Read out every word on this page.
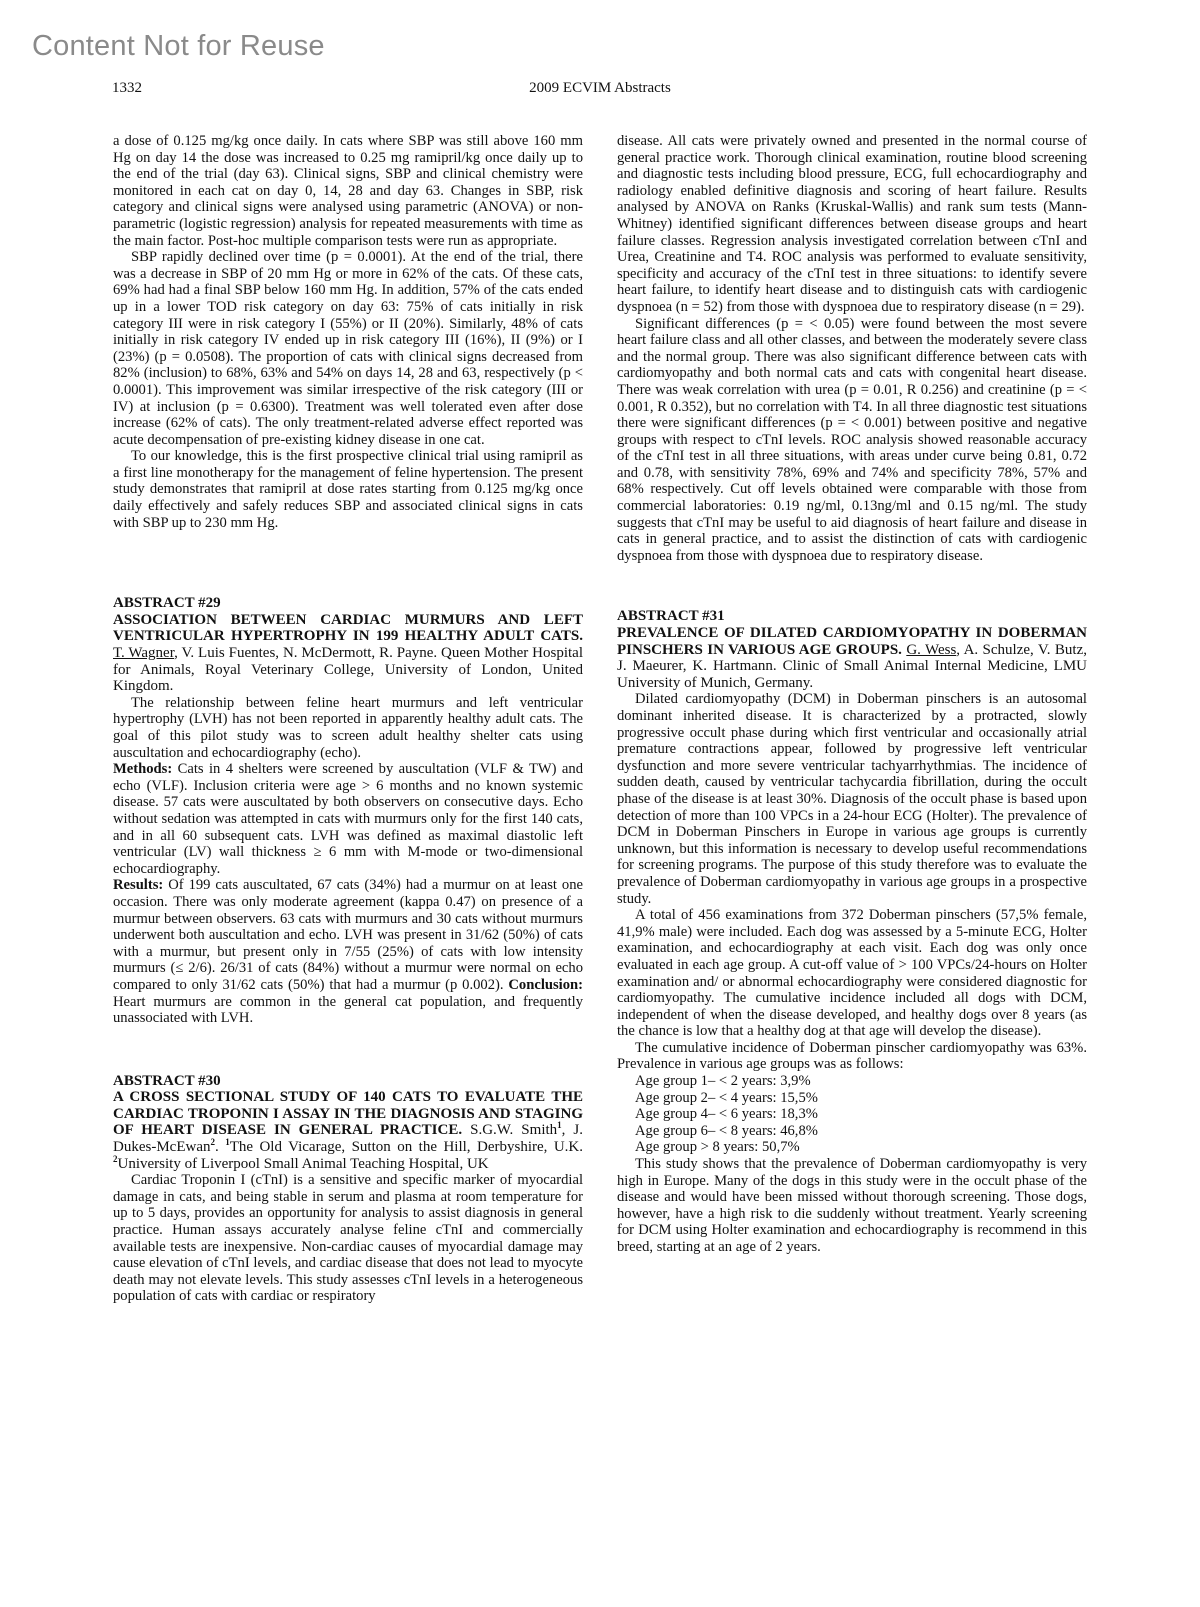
Content Not for Reuse
1332	2009 ECVIM Abstracts

a dose of 0.125 mg/kg once daily. In cats where SBP was still above 160 mm Hg on day 14 the dose was increased to 0.25 mg ramipril/kg once daily up to the end of the trial (day 63). Clinical signs, SBP and clinical chemistry were monitored in each cat on day 0, 14, 28 and day 63. Changes in SBP, risk category and clinical signs were analysed using parametric (ANOVA) or non-parametric (logistic regression) analysis for repeated measurements with time as the main factor. Post-hoc multiple comparison tests were run as appropriate.

SBP rapidly declined over time (p = 0.0001). At the end of the trial, there was a decrease in SBP of 20 mm Hg or more in 62% of the cats. Of these cats, 69% had had a final SBP below 160 mm Hg. In addition, 57% of the cats ended up in a lower TOD risk category on day 63: 75% of cats initially in risk category III were in risk category I (55%) or II (20%). Similarly, 48% of cats initially in risk category IV ended up in risk category III (16%), II (9%) or I (23%) (p = 0.0508). The proportion of cats with clinical signs decreased from 82% (inclusion) to 68%, 63% and 54% on days 14, 28 and 63, respectively (p < 0.0001). This improvement was similar irrespective of the risk category (III or IV) at inclusion (p = 0.6300). Treatment was well tolerated even after dose increase (62% of cats). The only treatment-related adverse effect reported was acute decompensation of pre-existing kidney disease in one cat.

To our knowledge, this is the first prospective clinical trial using ramipril as a first line monotherapy for the management of feline hypertension. The present study demonstrates that ramipril at dose rates starting from 0.125 mg/kg once daily effectively and safely reduces SBP and associated clinical signs in cats with SBP up to 230 mm Hg.

ABSTRACT #29

ASSOCIATION BETWEEN CARDIAC MURMURS AND LEFT VENTRICULAR HYPERTROPHY IN 199 HEALTHY ADULT CATS. T. Wagner, V. Luis Fuentes, N. McDermott, R. Payne. Queen Mother Hospital for Animals, Royal Veterinary College, University of London, United Kingdom.

The relationship between feline heart murmurs and left ventricular hypertrophy (LVH) has not been reported in apparently healthy adult cats. The goal of this pilot study was to screen adult healthy shelter cats using auscultation and echocardiography (echo).

Methods: Cats in 4 shelters were screened by auscultation (VLF & TW) and echo (VLF). Inclusion criteria were age > 6 months and no known systemic disease. 57 cats were auscultated by both observers on consecutive days. Echo without sedation was attempted in cats with murmurs only for the first 140 cats, and in all 60 subsequent cats. LVH was defined as maximal diastolic left ventricular (LV) wall thickness ≥ 6 mm with M-mode or two-dimensional echocardiography.

Results: Of 199 cats auscultated, 67 cats (34%) had a murmur on at least one occasion. There was only moderate agreement (kappa 0.47) on presence of a murmur between observers. 63 cats with murmurs and 30 cats without murmurs underwent both auscultation and echo. LVH was present in 31/62 (50%) of cats with a murmur, but present only in 7/55 (25%) of cats with low intensity murmurs (≤ 2/6). 26/31 of cats (84%) without a murmur were normal on echo compared to only 31/62 cats (50%) that had a murmur (p 0.002). Conclusion: Heart murmurs are common in the general cat population, and frequently unassociated with LVH.

ABSTRACT #30

A CROSS SECTIONAL STUDY OF 140 CATS TO EVALUATE THE CARDIAC TROPONIN I ASSAY IN THE DIAGNOSIS AND STAGING OF HEART DISEASE IN GENERAL PRACTICE. S.G.W. Smith$^1$, J. Dukes-McEwan$^2$. $^1$The Old Vicarage, Sutton on the Hill, Derbyshire, U.K. $^2$University of Liverpool Small Animal Teaching Hospital, UK

Cardiac Troponin I (cTnI) is a sensitive and specific marker of myocardial damage in cats, and being stable in serum and plasma at room temperature for up to 5 days, provides an opportunity for analysis to assist diagnosis in general practice. Human assays accurately analyse feline cTnI and commercially available tests are inexpensive. Non-cardiac causes of myocardial damage may cause elevation of cTnI levels, and cardiac disease that does not lead to myocyte death may not elevate levels. This study assesses cTnI levels in a heterogeneous population of cats with cardiac or respiratory

disease. All cats were privately owned and presented in the normal course of general practice work. Thorough clinical examination, routine blood screening and diagnostic tests including blood pressure, ECG, full echocardiography and radiology enabled definitive diagnosis and scoring of heart failure. Results analysed by ANOVA on Ranks (Kruskal-Wallis) and rank sum tests (Mann-Whitney) identified significant differences between disease groups and heart failure classes. Regression analysis investigated correlation between cTnI and Urea, Creatinine and T4. ROC analysis was performed to evaluate sensitivity, specificity and accuracy of the cTnI test in three situations: to identify severe heart failure, to identify heart disease and to distinguish cats with cardiogenic dyspnoea (n = 52) from those with dyspnoea due to respiratory disease (n = 29).

Significant differences (p = < 0.05) were found between the most severe heart failure class and all other classes, and between the moderately severe class and the normal group. There was also significant difference between cats with cardiomyopathy and both normal cats and cats with congenital heart disease. There was weak correlation with urea (p = 0.01, R 0.256) and creatinine (p = < 0.001, R 0.352), but no correlation with T4. In all three diagnostic test situations there were significant differences (p = < 0.001) between positive and negative groups with respect to cTnI levels. ROC analysis showed reasonable accuracy of the cTnI test in all three situations, with areas under curve being 0.81, 0.72 and 0.78, with sensitivity 78%, 69% and 74% and specificity 78%, 57% and 68% respectively. Cut off levels obtained were comparable with those from commercial laboratories: 0.19 ng/ml, 0.13ng/ml and 0.15 ng/ml. The study suggests that cTnI may be useful to aid diagnosis of heart failure and disease in cats in general practice, and to assist the distinction of cats with cardiogenic dyspnoea from those with dyspnoea due to respiratory disease.

ABSTRACT #31

PREVALENCE OF DILATED CARDIOMYOPATHY IN DOBERMAN PINSCHERS IN VARIOUS AGE GROUPS. G. Wess, A. Schulze, V. Butz, J. Maeurer, K. Hartmann. Clinic of Small Animal Internal Medicine, LMU University of Munich, Germany.

Dilated cardiomyopathy (DCM) in Doberman pinschers is an autosomal dominant inherited disease. It is characterized by a protracted, slowly progressive occult phase during which first ventricular and occasionally atrial premature contractions appear, followed by progressive left ventricular dysfunction and more severe ventricular tachyarrhythmias. The incidence of sudden death, caused by ventricular tachycardia fibrillation, during the occult phase of the disease is at least 30%. Diagnosis of the occult phase is based upon detection of more than 100 VPCs in a 24-hour ECG (Holter). The prevalence of DCM in Doberman Pinschers in Europe in various age groups is currently unknown, but this information is necessary to develop useful recommendations for screening programs. The purpose of this study therefore was to evaluate the prevalence of Doberman cardiomyopathy in various age groups in a prospective study.

A total of 456 examinations from 372 Doberman pinschers (57,5% female, 41,9% male) were included. Each dog was assessed by a 5-minute ECG, Holter examination, and echocardiography at each visit. Each dog was only once evaluated in each age group. A cut-off value of > 100 VPCs/24-hours on Holter examination and/ or abnormal echocardiography were considered diagnostic for cardiomyopathy. The cumulative incidence included all dogs with DCM, independent of when the disease developed, and healthy dogs over 8 years (as the chance is low that a healthy dog at that age will develop the disease).

The cumulative incidence of Doberman pinscher cardiomyopathy was 63%. Prevalence in various age groups was as follows:

Age group 1– < 2 years: 3,9%
Age group 2– < 4 years: 15,5%
Age group 4– < 6 years: 18,3%
Age group 6– < 8 years: 46,8%
Age group > 8 years: 50,7%

This study shows that the prevalence of Doberman cardiomyopathy is very high in Europe. Many of the dogs in this study were in the occult phase of the disease and would have been missed without thorough screening. Those dogs, however, have a high risk to die suddenly without treatment. Yearly screening for DCM using Holter examination and echocardiography is recommend in this breed, starting at an age of 2 years.
